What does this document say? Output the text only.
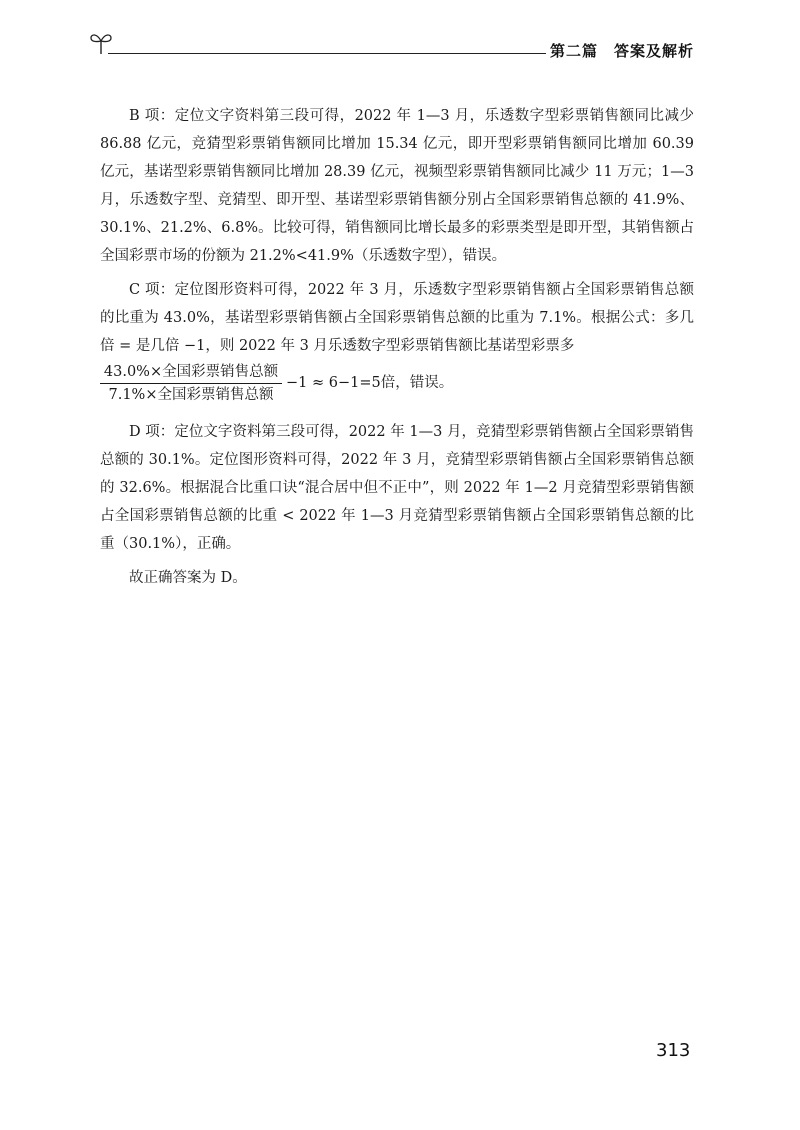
第二篇　答案及解析

B 项：定位文字资料第三段可得，2022 年 1—3 月，乐透数字型彩票销售额同比减少 86.88 亿元，竞猜型彩票销售额同比增加 15.34 亿元，即开型彩票销售额同比增加 60.39 亿元，基诺型彩票销售额同比增加 28.39 亿元，视频型彩票销售额同比减少 11 万元；1—3 月，乐透数字型、竞猜型、即开型、基诺型彩票销售额分别占全国彩票销售总额的 41.9%、30.1%、21.2%、6.8%。比较可得，销售额同比增长最多的彩票类型是即开型，其销售额占全国彩票市场的份额为 21.2%<41.9%（乐透数字型），错误。

C 项：定位图形资料可得，2022 年 3 月，乐透数字型彩票销售额占全国彩票销售总额的比重为 43.0%，基诺型彩票销售额占全国彩票销售总额的比重为 7.1%。根据公式：多几倍 = 是几倍 −1，则 2022 年 3 月乐透数字型彩票销售额比基诺型彩票多

43.0%×全国彩票销售总额
7.1%×全国彩票销售总额
−1 ≈ 6−1=5倍，错误。

D 项：定位文字资料第三段可得，2022 年 1—3 月，竞猜型彩票销售额占全国彩票销售总额的 30.1%。定位图形资料可得，2022 年 3 月，竞猜型彩票销售额占全国彩票销售总额的 32.6%。根据混合比重口诀“混合居中但不正中”，则 2022 年 1—2 月竞猜型彩票销售额占全国彩票销售总额的比重 < 2022 年 1—3 月竞猜型彩票销售额占全国彩票销售总额的比重（30.1%），正确。

故正确答案为 D。

313
